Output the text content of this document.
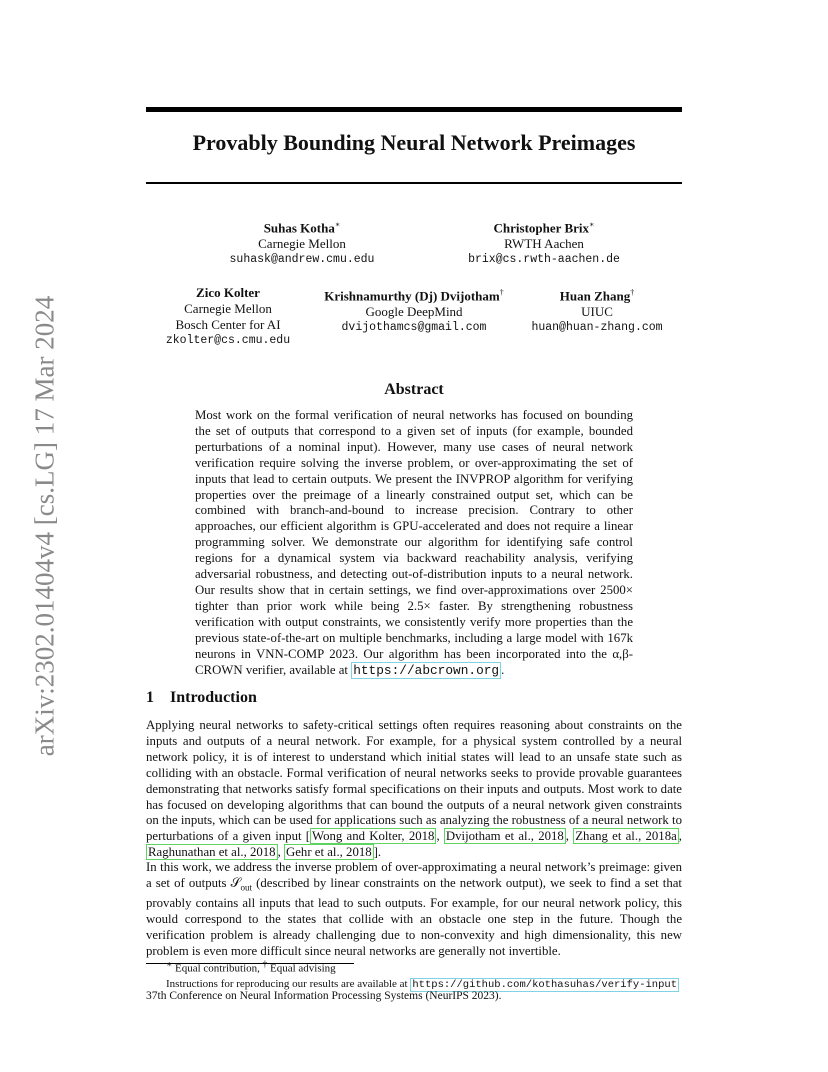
arXiv:2302.01404v4 [cs.LG] 17 Mar 2024
Provably Bounding Neural Network Preimages
Suhas Kotha∗
Carnegie Mellon
suhask@andrew.cmu.edu
Christopher Brix∗
RWTH Aachen
brix@cs.rwth-aachen.de
Zico Kolter
Carnegie Mellon
Bosch Center for AI
zkolter@cs.cmu.edu
Krishnamurthy (Dj) Dvijotham†
Google DeepMind
dvijothamcs@gmail.com
Huan Zhang†
UIUC
huan@huan-zhang.com
Abstract
Most work on the formal verification of neural networks has focused on bounding the set of outputs that correspond to a given set of inputs (for example, bounded perturbations of a nominal input). However, many use cases of neural network verification require solving the inverse problem, or over-approximating the set of inputs that lead to certain outputs. We present the INVPROP algorithm for verifying properties over the preimage of a linearly constrained output set, which can be combined with branch-and-bound to increase precision. Contrary to other approaches, our efficient algorithm is GPU-accelerated and does not require a linear programming solver. We demonstrate our algorithm for identifying safe control regions for a dynamical system via backward reachability analysis, verifying adversarial robustness, and detecting out-of-distribution inputs to a neural network. Our results show that in certain settings, we find over-approximations over 2500× tighter than prior work while being 2.5× faster. By strengthening robustness verification with output constraints, we consistently verify more properties than the previous state-of-the-art on multiple benchmarks, including a large model with 167k neurons in VNN-COMP 2023. Our algorithm has been incorporated into the α,β-CROWN verifier, available at https://abcrown.org .
1 Introduction
Applying neural networks to safety-critical settings often requires reasoning about constraints on the inputs and outputs of a neural network. For example, for a physical system controlled by a neural network policy, it is of interest to understand which initial states will lead to an unsafe state such as colliding with an obstacle. Formal verification of neural networks seeks to provide provable guarantees demonstrating that networks satisfy formal specifications on their inputs and outputs. Most work to date has focused on developing algorithms that can bound the outputs of a neural network given constraints on the inputs, which can be used for applications such as analyzing the robustness of a neural network to perturbations of a given input [ Wong and Kolter, 2018 , Dvijotham et al., 2018 , Zhang et al., 2018a , Raghunathan et al., 2018 , Gehr et al., 2018 ].
In this work, we address the inverse problem of over-approximating a neural network’s preimage: given a set of outputs 𝒮$_{out}$ (described by linear constraints on the network output), we seek to find a set that provably contains all inputs that lead to such outputs. For example, for our neural network policy, this would correspond to the states that collide with an obstacle one step in the future. Though the verification problem is already challenging due to non-convexity and high dimensionality, this new problem is even more difficult since neural networks are generally not invertible.
∗ Equal contribution, † Equal advising
Instructions for reproducing our results are available at https://github.com/kothasuhas/verify-input
37th Conference on Neural Information Processing Systems (NeurIPS 2023).
